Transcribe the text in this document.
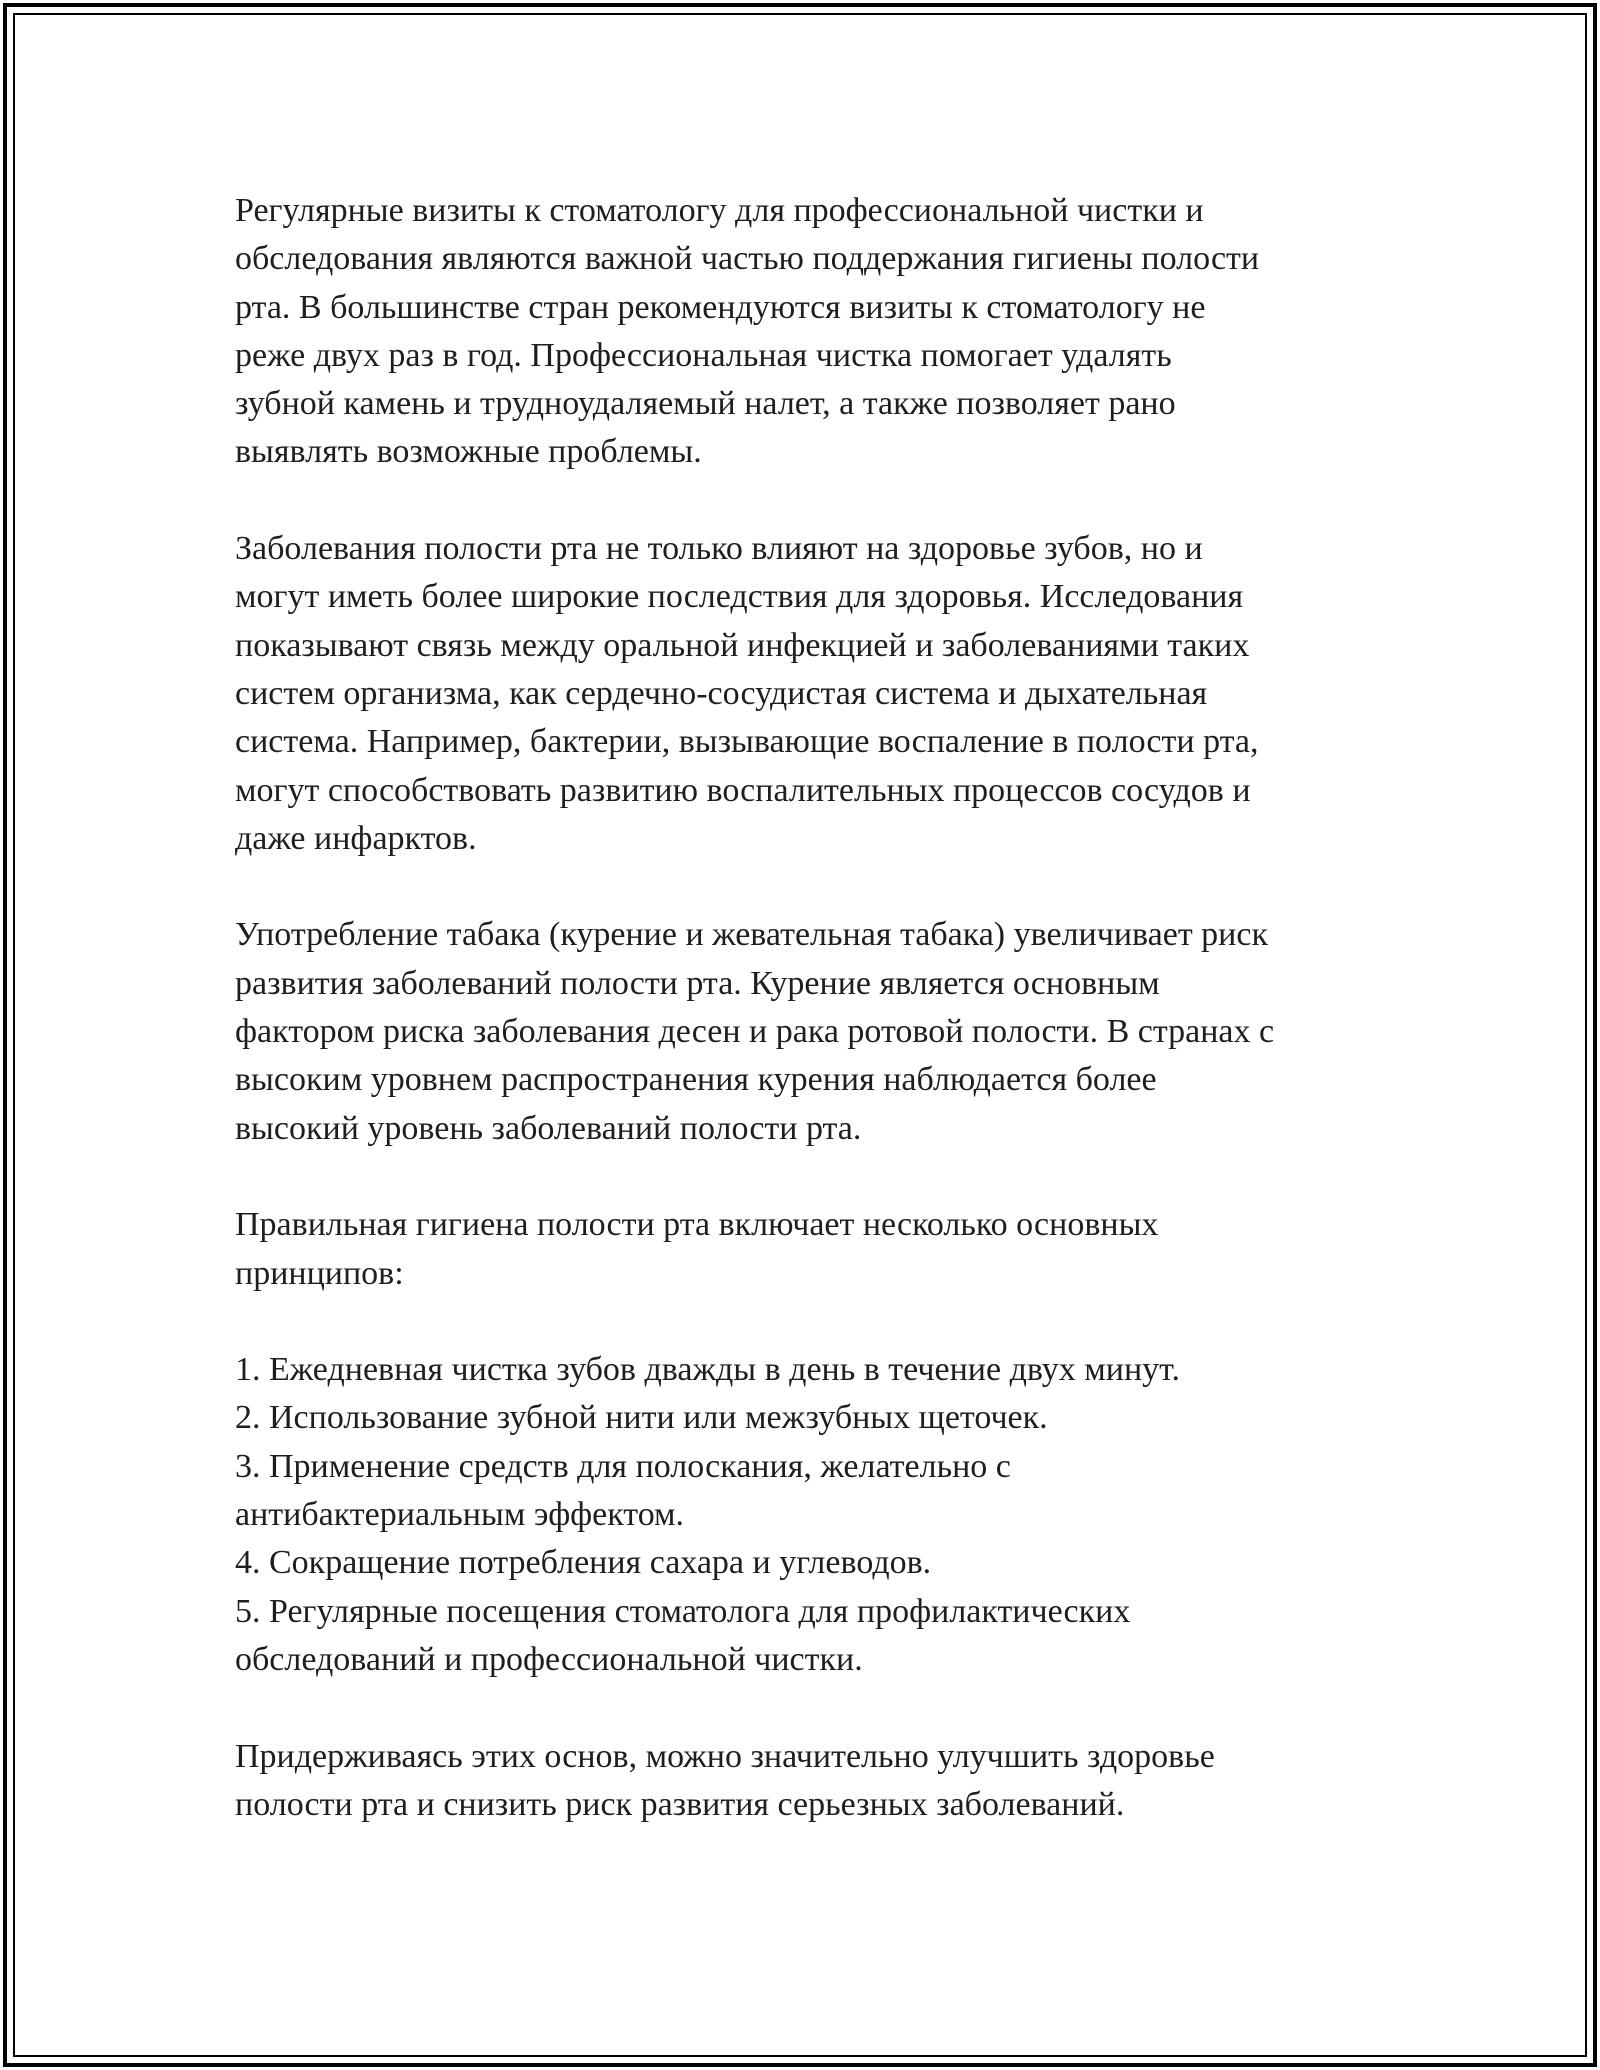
Регулярные визиты к стоматологу для профессиональной чистки и
обследования являются важной частью поддержания гигиены полости
рта. В большинстве стран рекомендуются визиты к стоматологу не
реже двух раз в год. Профессиональная чистка помогает удалять
зубной камень и трудноудаляемый налет, а также позволяет рано
выявлять возможные проблемы.
Заболевания полости рта не только влияют на здоровье зубов, но и
могут иметь более широкие последствия для здоровья. Исследования
показывают связь между оральной инфекцией и заболеваниями таких
систем организма, как сердечно-сосудистая система и дыхательная
система. Например, бактерии, вызывающие воспаление в полости рта,
могут способствовать развитию воспалительных процессов сосудов и
даже инфарктов.
Употребление табака (курение и жевательная табака) увеличивает риск
развития заболеваний полости рта. Курение является основным
фактором риска заболевания десен и рака ротовой полости. В странах с
высоким уровнем распространения курения наблюдается более
высокий уровень заболеваний полости рта.
Правильная гигиена полости рта включает несколько основных
принципов:
1. Ежедневная чистка зубов дважды в день в течение двух минут.
2. Использование зубной нити или межзубных щеточек.
3. Применение средств для полоскания, желательно с
антибактериальным эффектом.
4. Сокращение потребления сахара и углеводов.
5. Регулярные посещения стоматолога для профилактических
обследований и профессиональной чистки.
Придерживаясь этих основ, можно значительно улучшить здоровье
полости рта и снизить риск развития серьезных заболеваний.
